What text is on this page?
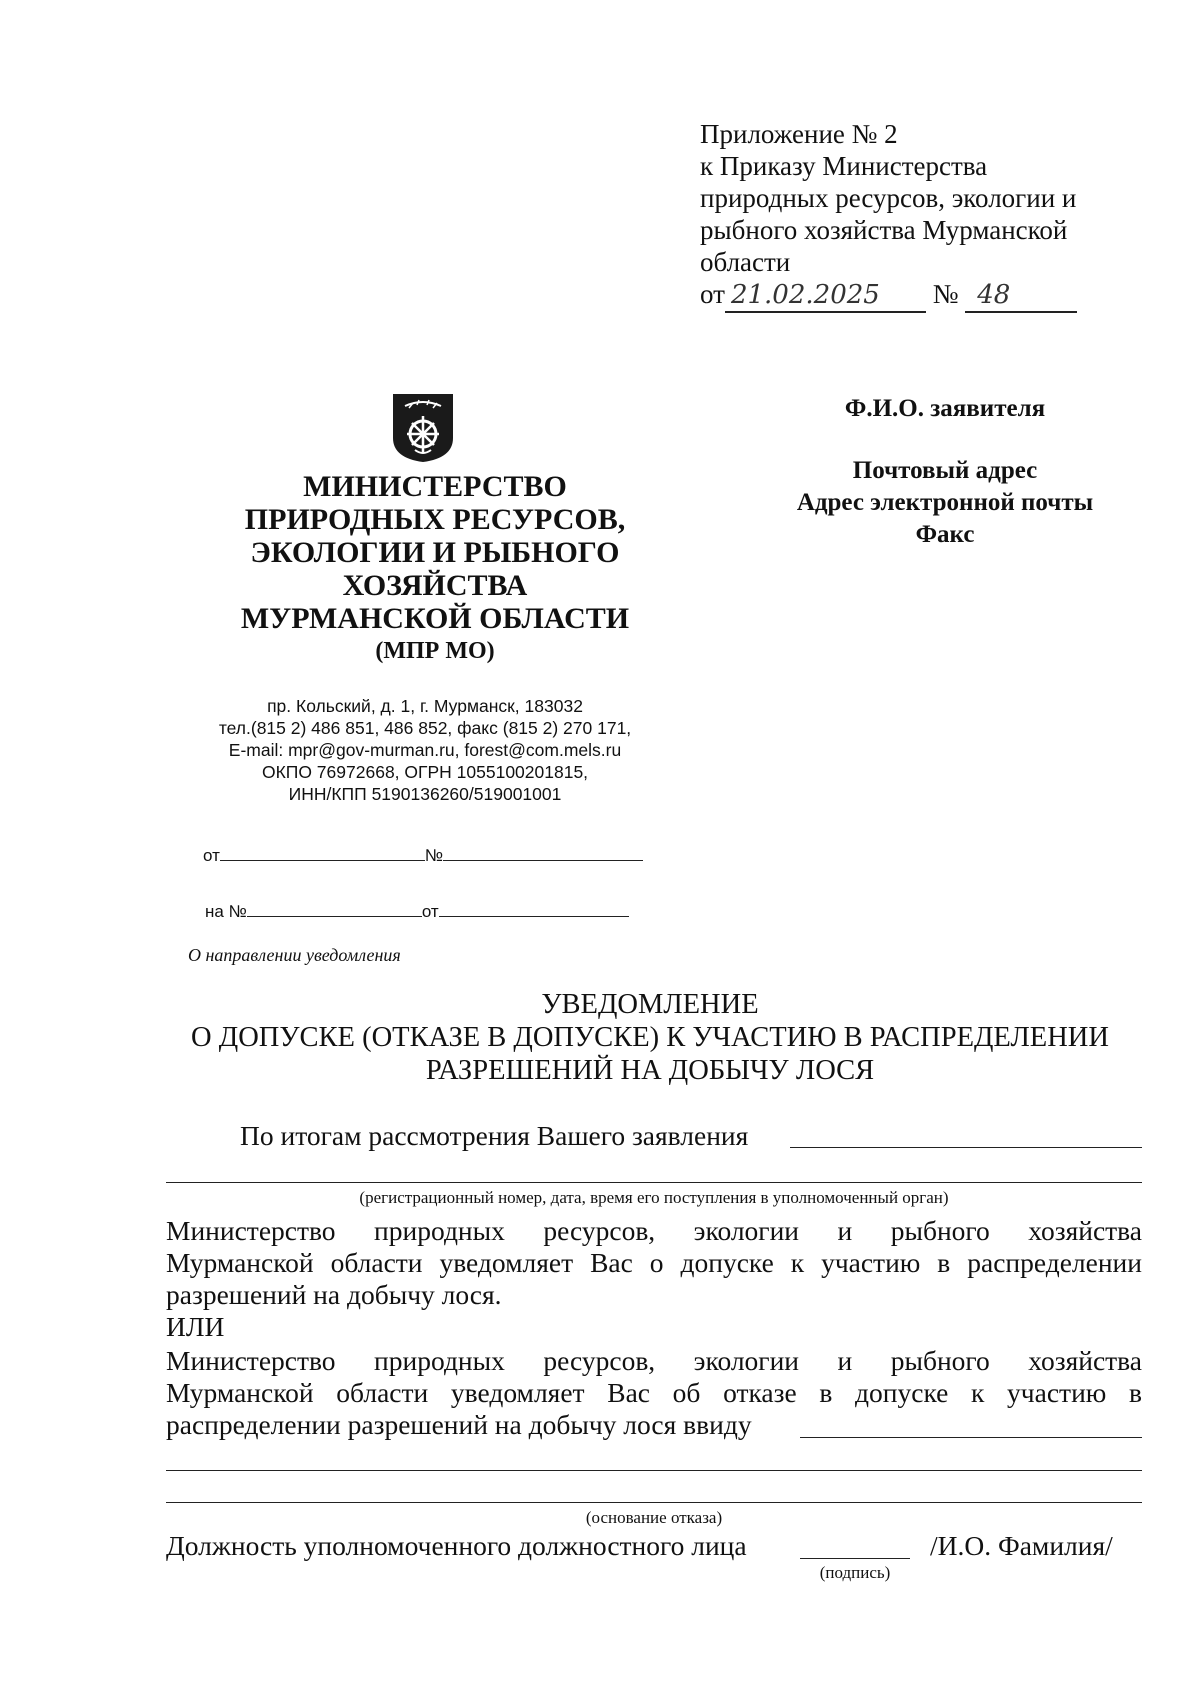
Приложение № 2
к Приказу Министерства
природных ресурсов, экологии и
рыбного хозяйства Мурманской
области
от 21.02.2025 № 48
МИНИСТЕРСТВО
ПРИРОДНЫХ РЕСУРСОВ,
ЭКОЛОГИИ И РЫБНОГО
ХОЗЯЙСТВА
МУРМАНСКОЙ ОБЛАСТИ
(МПР МО)
пр. Кольский, д. 1, г. Мурманск, 183032
тел.(815 2) 486 851, 486 852, факс (815 2) 270 171,
E-mail: mpr@gov-murman.ru, forest@com.mels.ru
ОКПО 76972668, ОГРН 1055100201815,
ИНН/КПП 5190136260/519001001
от	№
на №	от
О направлении уведомления
Ф.И.О. заявителя
Почтовый адрес
Адрес электронной почты
Факс
УВЕДОМЛЕНИЕ
О ДОПУСКЕ (ОТКАЗЕ В ДОПУСКЕ) К УЧАСТИЮ В РАСПРЕДЕЛЕНИИ
РАЗРЕШЕНИЙ НА ДОБЫЧУ ЛОСЯ
По итогам рассмотрения Вашего заявления
(регистрационный номер, дата, время его поступления в уполномоченный орган)
Министерство природных ресурсов, экологии и рыбного хозяйства
Мурманской области уведомляет Вас о допуске к участию в распределении
разрешений на добычу лося.
ИЛИ
Министерство природных ресурсов, экологии и рыбного хозяйства
Мурманской области уведомляет Вас об отказе в допуске к участию в
распределении разрешений на добычу лося ввиду
(основание отказа)
Должность уполномоченного должностного лица	/И.О. Фамилия/
(подпись)
